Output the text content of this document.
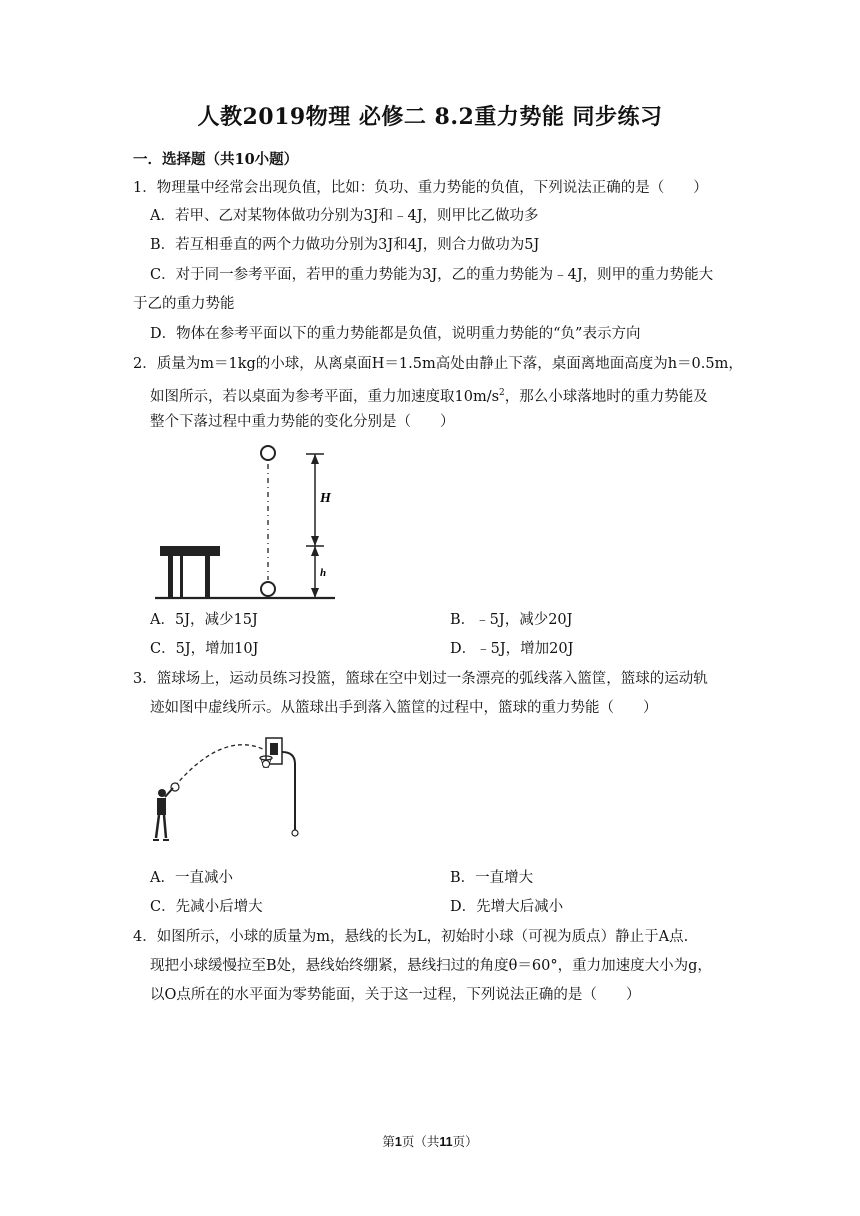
人教2019物理 必修二 8.2重力势能 同步练习
一．选择题（共10小题）
1．物理量中经常会出现负值，比如：负功、重力势能的负值，下列说法正确的是（　　）
A．若甲、乙对某物体做功分别为3J和﹣4J，则甲比乙做功多
B．若互相垂直的两个力做功分别为3J和4J，则合力做功为5J
C．对于同一参考平面，若甲的重力势能为3J，乙的重力势能为﹣4J，则甲的重力势能大
于乙的重力势能
D．物体在参考平面以下的重力势能都是负值，说明重力势能的“负”表示方向
2．质量为m＝1kg的小球，从离桌面H＝1.5m高处由静止下落，桌面离地面高度为h＝0.5m，
如图所示，若以桌面为参考平面，重力加速度取$10m/s^2$，那么小球落地时的重力势能及
整个下落过程中重力势能的变化分别是（　　）
H
h
A．5J，减少15J	B．﹣5J，减少20J
C．5J，增加10J	D．﹣5J，增加20J
3．篮球场上，运动员练习投篮，篮球在空中划过一条漂亮的弧线落入篮筐，篮球的运动轨
迹如图中虚线所示。从篮球出手到落入篮筐的过程中，篮球的重力势能（　　）
A．一直减小	B．一直增大
C．先减小后增大	D．先增大后减小
4．如图所示，小球的质量为m，悬线的长为L，初始时小球（可视为质点）静止于A点.
现把小球缓慢拉至B处，悬线始终绷紧，悬线扫过的角度θ＝60°，重力加速度大小为g，
以O点所在的水平面为零势能面，关于这一过程，下列说法正确的是（　　）
第1页（共11页）
